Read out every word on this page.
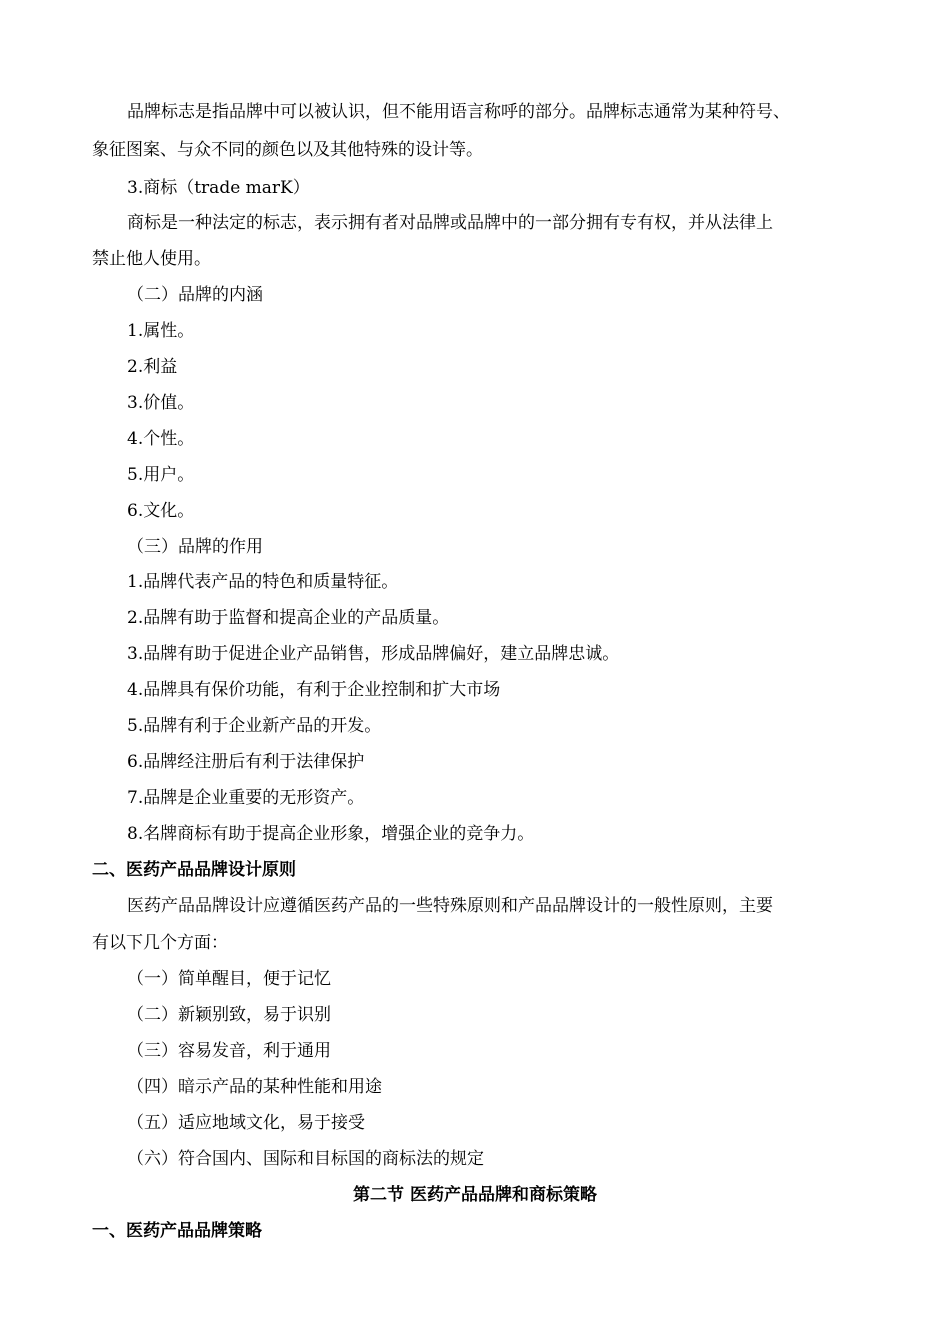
品牌标志是指品牌中可以被认识，但不能用语言称呼的部分。品牌标志通常为某种符号、
象征图案、与众不同的颜色以及其他特殊的设计等。
3.商标（trade marK）
商标是一种法定的标志，表示拥有者对品牌或品牌中的一部分拥有专有权，并从法律上
禁止他人使用。
（二）品牌的内涵
1.属性。
2.利益
3.价值。
4.个性。
5.用户。
6.文化。
（三）品牌的作用
1.品牌代表产品的特色和质量特征。
2.品牌有助于监督和提高企业的产品质量。
3.品牌有助于促进企业产品销售，形成品牌偏好，建立品牌忠诚。
4.品牌具有保价功能，有利于企业控制和扩大市场
5.品牌有利于企业新产品的开发。
6.品牌经注册后有利于法律保护
7.品牌是企业重要的无形资产。
8.名牌商标有助于提高企业形象，增强企业的竞争力。
二、医药产品品牌设计原则
医药产品品牌设计应遵循医药产品的一些特殊原则和产品品牌设计的一般性原则，主要
有以下几个方面：
（一）简单醒目，便于记忆
（二）新颖别致，易于识别
（三）容易发音，利于通用
（四）暗示产品的某种性能和用途
（五）适应地域文化，易于接受
（六）符合国内、国际和目标国的商标法的规定
第二节 医药产品品牌和商标策略
一、医药产品品牌策略
